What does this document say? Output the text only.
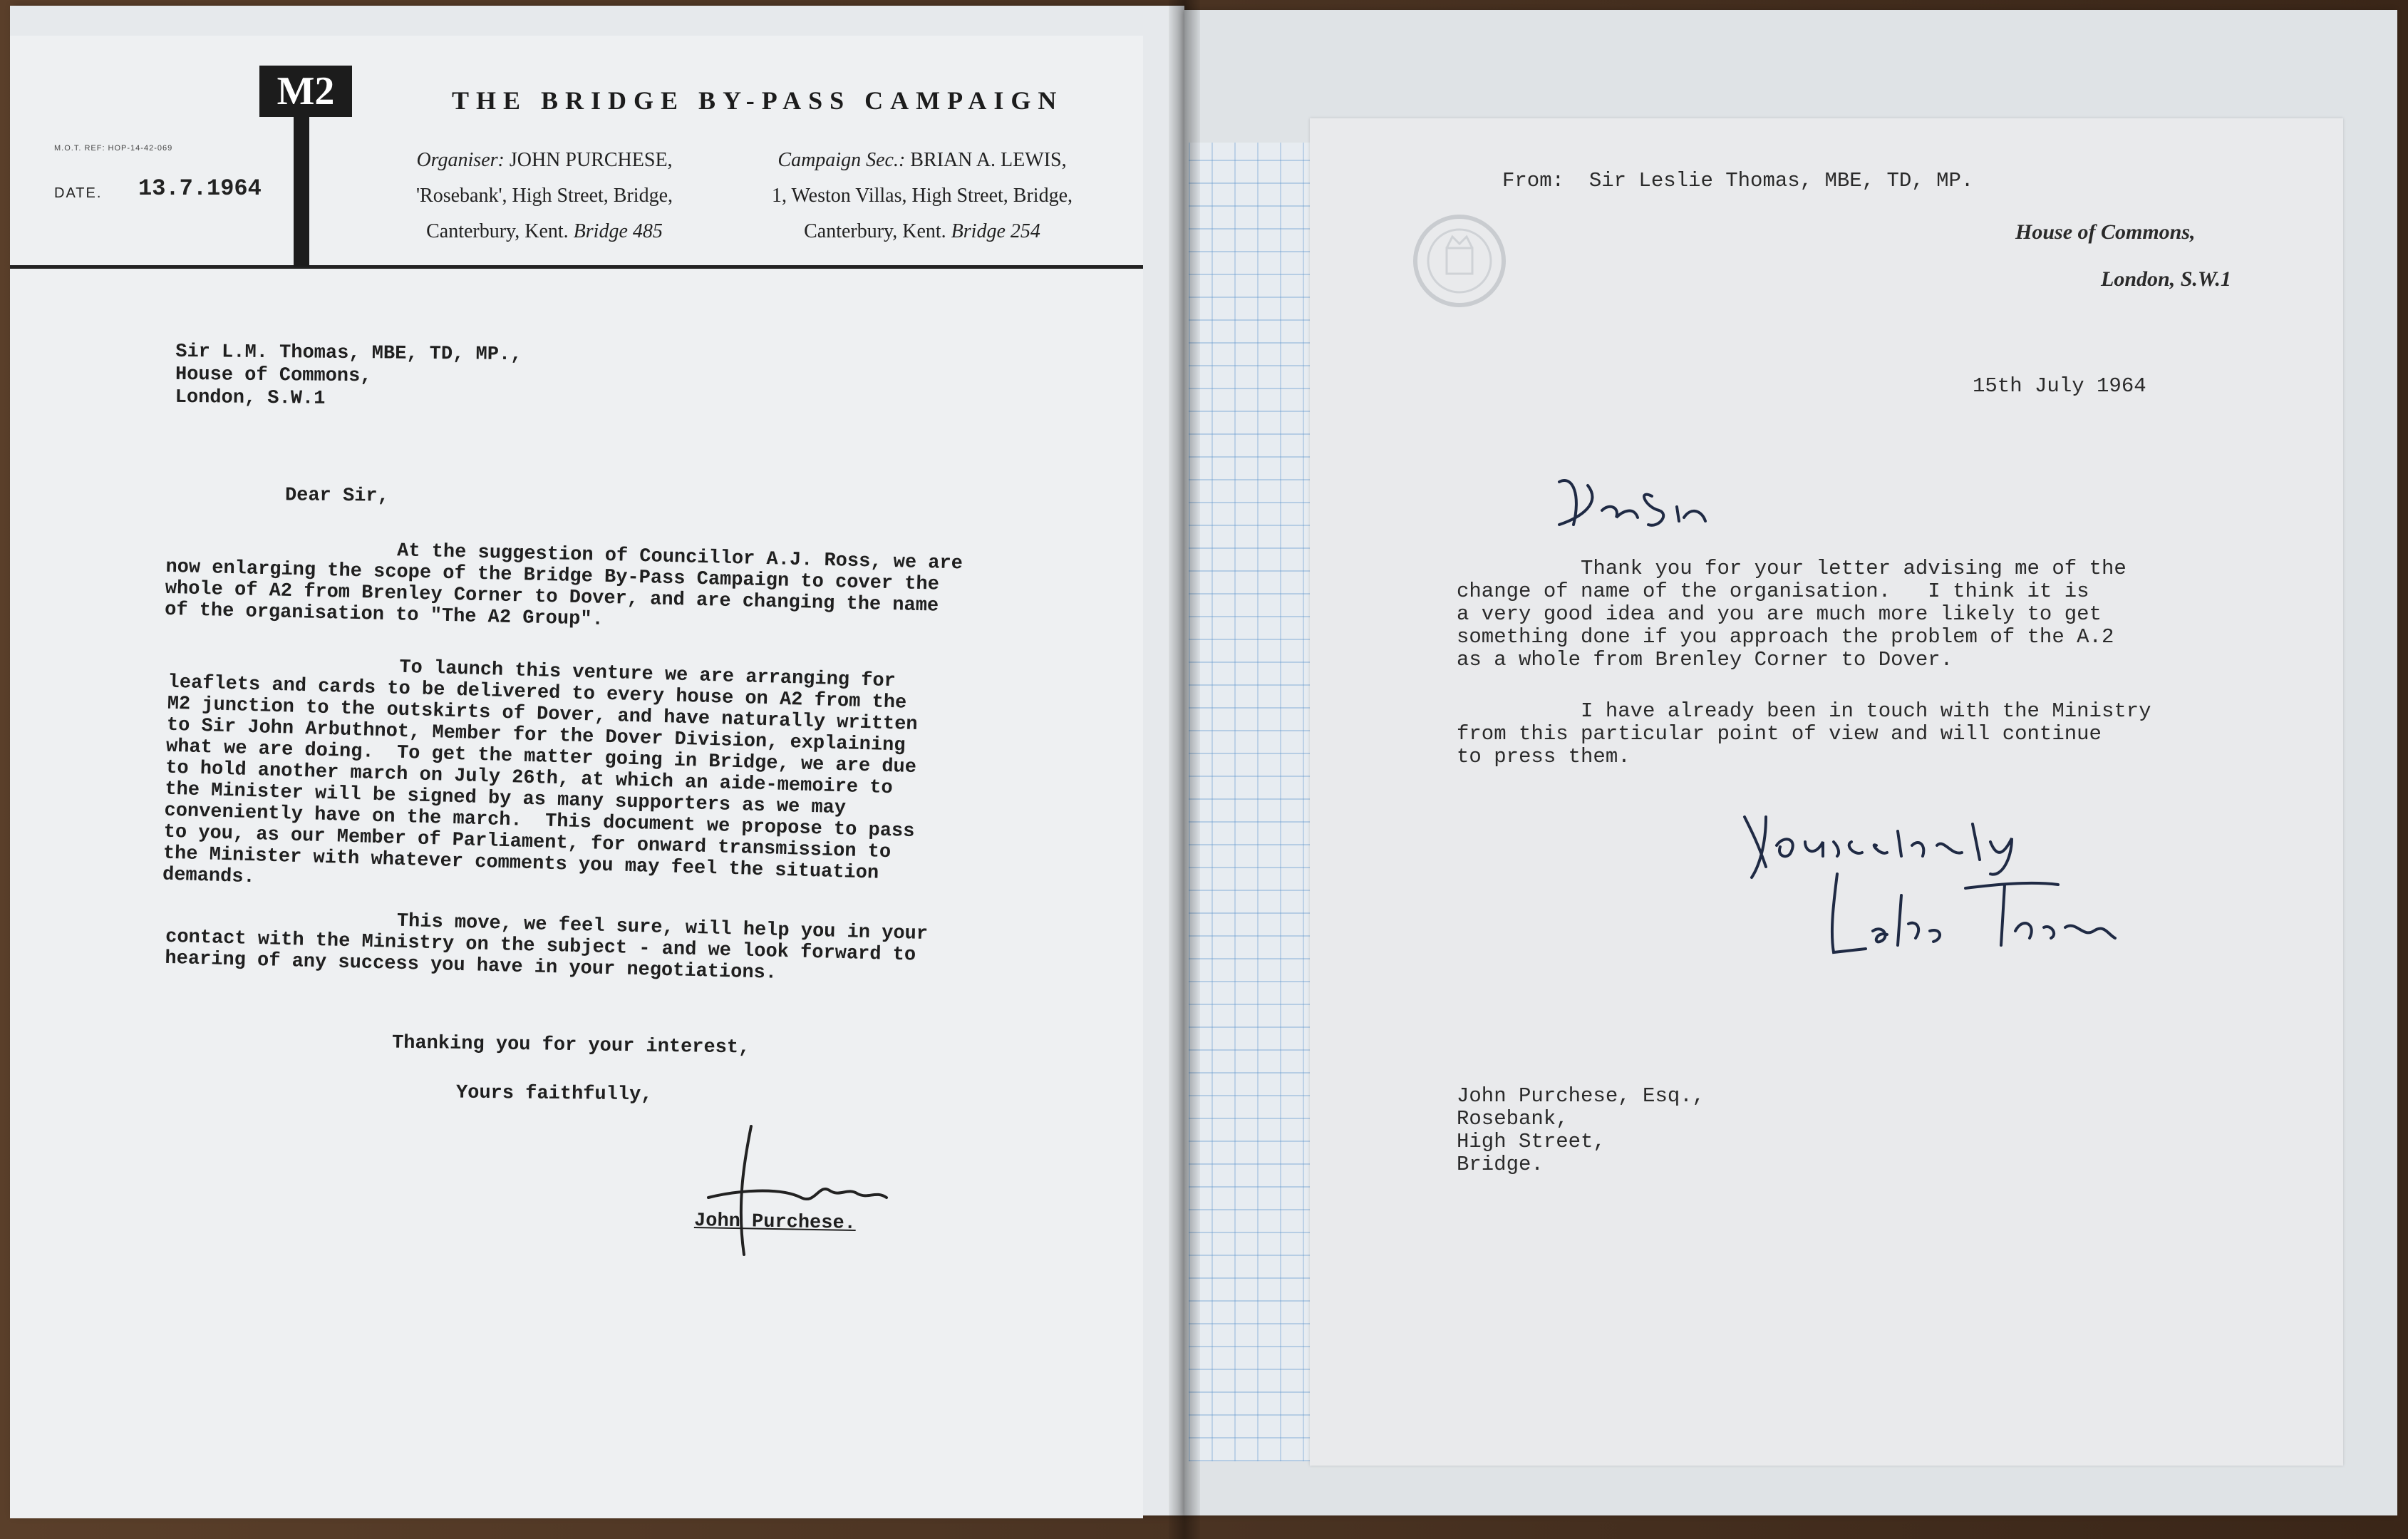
M2
M.O.T. REF: HOP-14-42-069
DATE. 13.7.1964
THE BRIDGE BY-PASS CAMPAIGN
Organiser: JOHN PURCHESE,
'Rosebank', High Street, Bridge,
Canterbury, Kent. Bridge 485
Campaign Sec.: BRIAN A. LEWIS,
1, Weston Villas, High Street, Bridge,
Canterbury, Kent. Bridge 254
Sir L.M. Thomas, MBE, TD, MP.,
House of Commons,
London, S.W.1
Dear Sir,
At the suggestion of Councillor A.J. Ross, we are
now enlarging the scope of the Bridge By-Pass Campaign to cover the
whole of A2 from Brenley Corner to Dover, and are changing the name
of the organisation to "The A2 Group".
To launch this venture we are arranging for
leaflets and cards to be delivered to every house on A2 from the
M2 junction to the outskirts of Dover, and have naturally written
to Sir John Arbuthnot, Member for the Dover Division, explaining
what we are doing.  To get the matter going in Bridge, we are due
to hold another march on July 26th, at which an aide-memoire to
the Minister will be signed by as many supporters as we may
conveniently have on the march.  This document we propose to pass
to you, as our Member of Parliament, for onward transmission to
the Minister with whatever comments you may feel the situation
demands.
This move, we feel sure, will help you in your
contact with the Ministry on the subject - and we look forward to
hearing of any success you have in your negotiations.
Thanking you for your interest,
Yours faithfully,
John Purchese.
From:  Sir Leslie Thomas, MBE, TD, MP.
House of Commons,
London, S.W.1
15th July 1964
Thank you for your letter advising me of the
change of name of the organisation.   I think it is
a very good idea and you are much more likely to get
something done if you approach the problem of the A.2
as a whole from Brenley Corner to Dover.
I have already been in touch with the Ministry
from this particular point of view and will continue
to press them.
John Purchese, Esq.,
Rosebank,
High Street,
Bridge.
